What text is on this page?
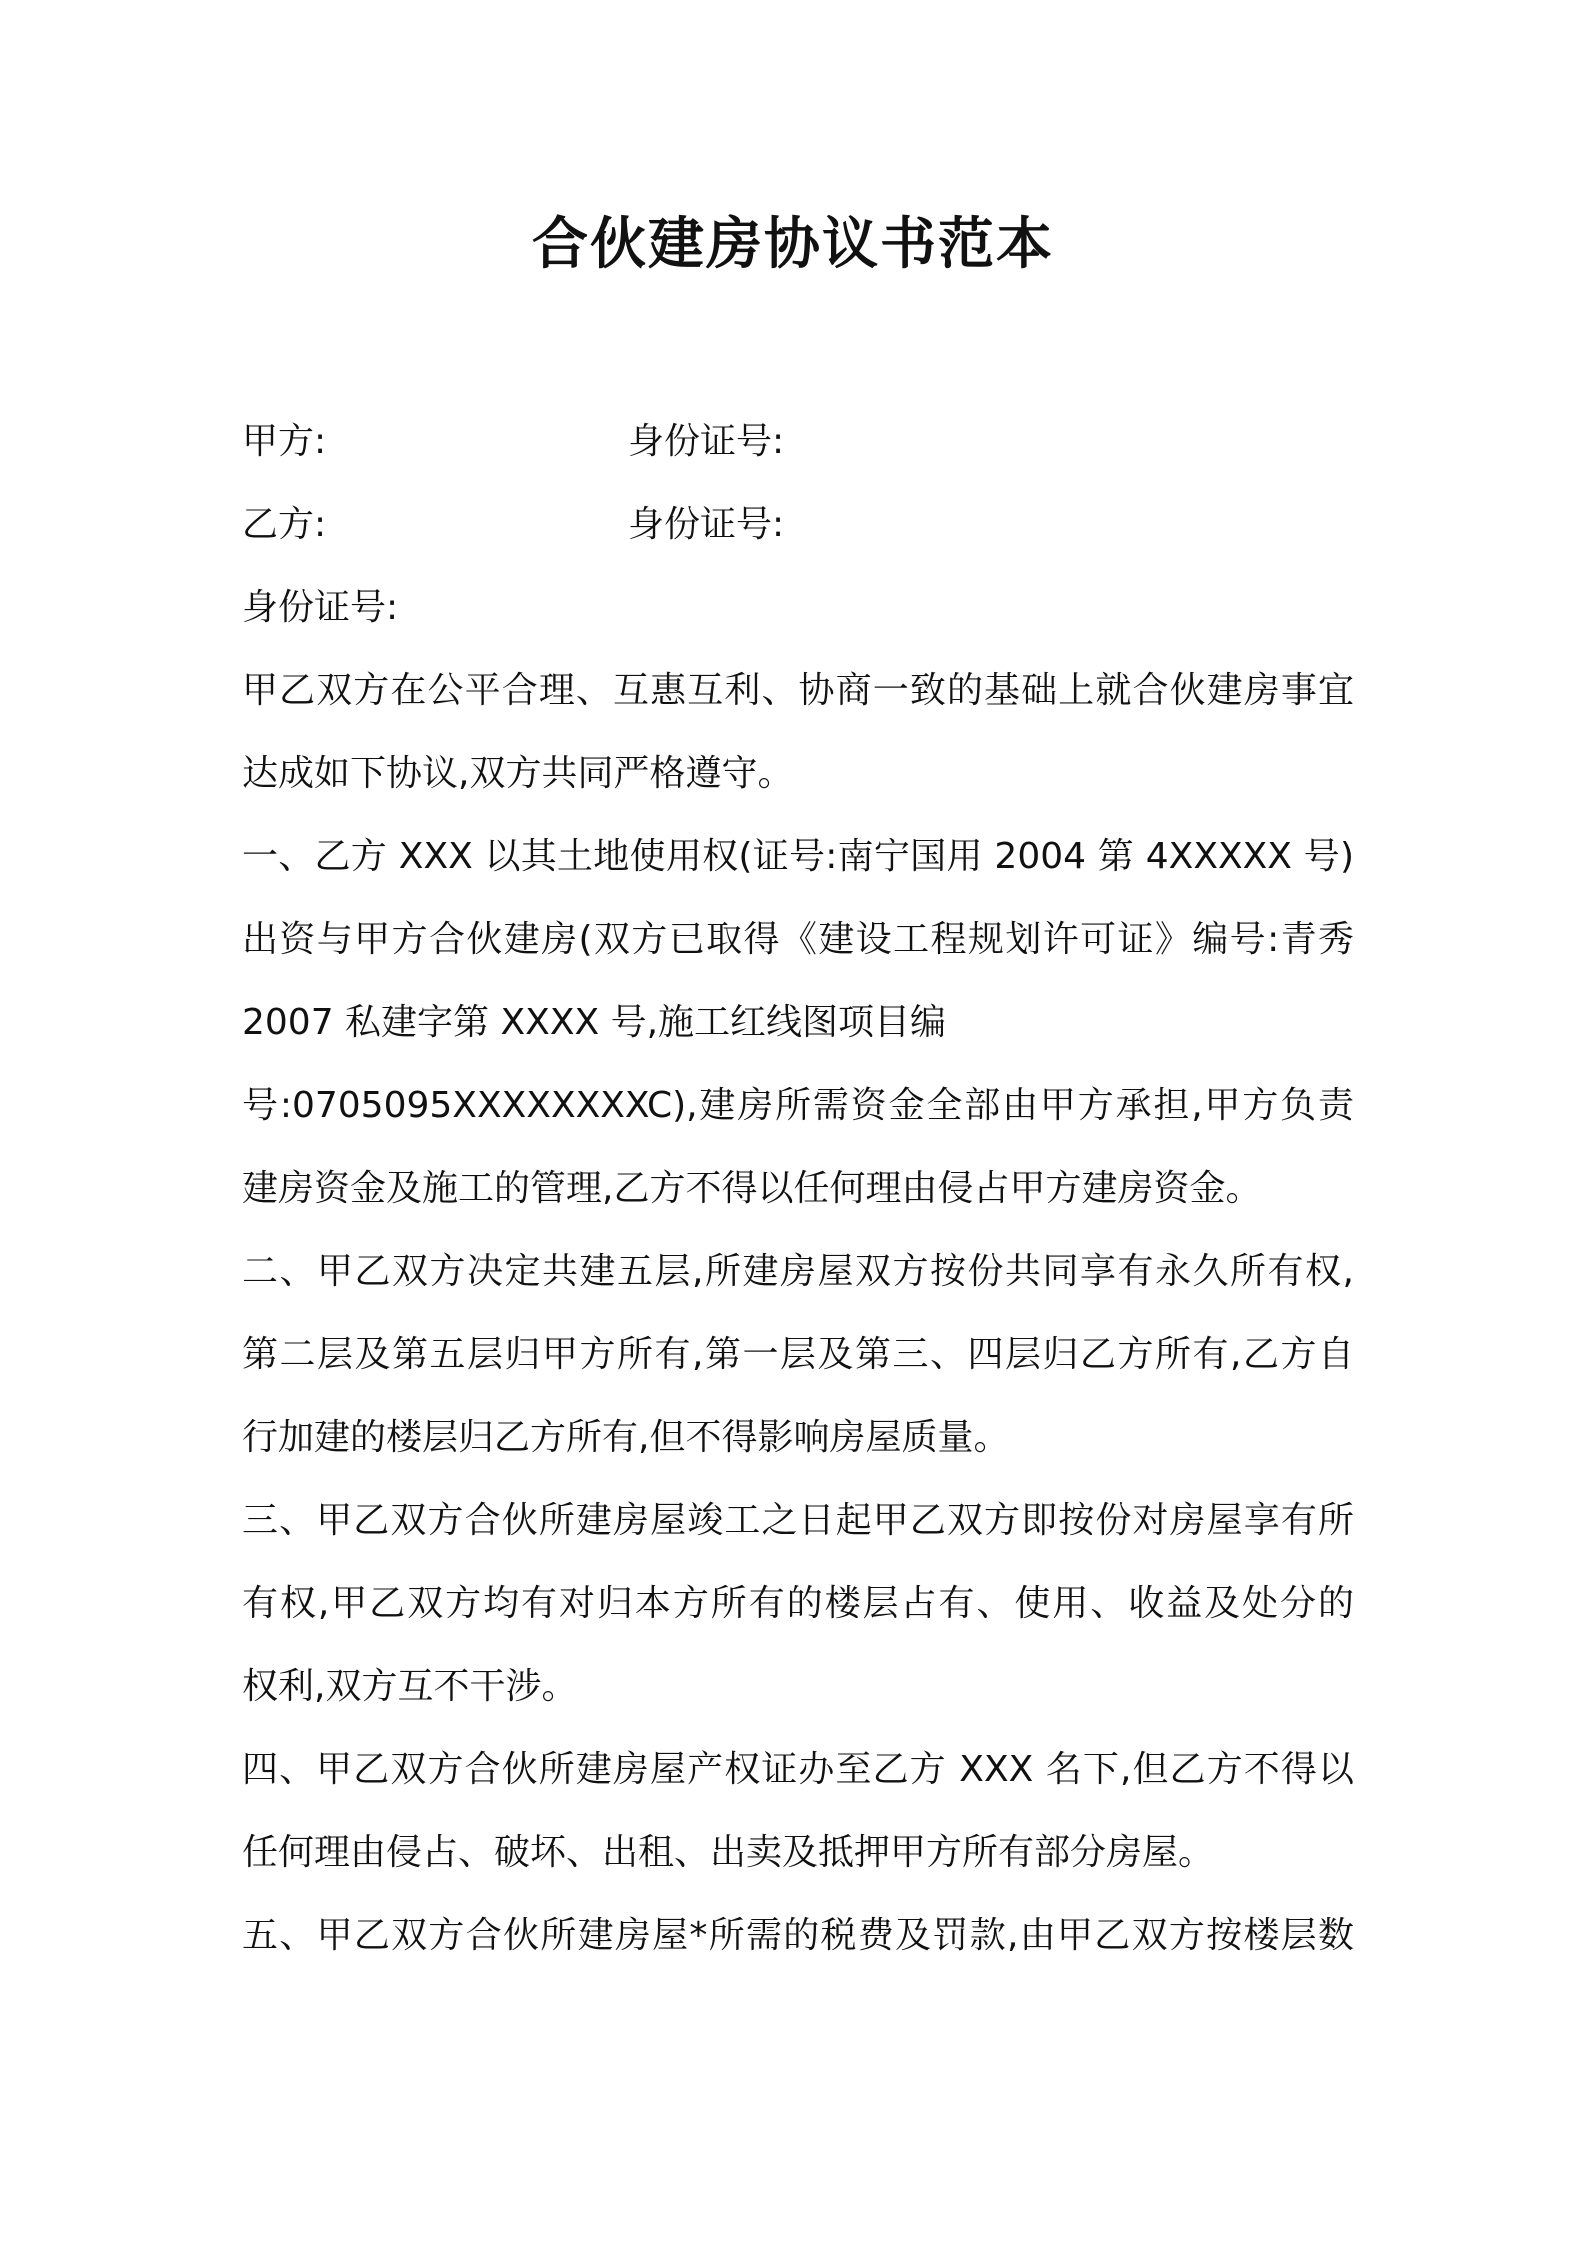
合伙建房协议书范本
甲方:	身份证号:
乙方:	身份证号:
身份证号:
甲乙双方在公平合理、互惠互利、协商一致的基础上就合伙建房事宜
达成如下协议,双方共同严格遵守。
一、乙方 XXX 以其土地使用权(证号:南宁国用 2004 第 4XXXXX 号)
出资与甲方合伙建房(双方已取得《建设工程规划许可证》编号:青秀
2007 私建字第 XXXX 号,施工红线图项目编
号:0705095XXXXXXXXC),建房所需资金全部由甲方承担,甲方负责
建房资金及施工的管理,乙方不得以任何理由侵占甲方建房资金。
二、甲乙双方决定共建五层,所建房屋双方按份共同享有永久所有权,
第二层及第五层归甲方所有,第一层及第三、四层归乙方所有,乙方自
行加建的楼层归乙方所有,但不得影响房屋质量。
三、甲乙双方合伙所建房屋竣工之日起甲乙双方即按份对房屋享有所
有权,甲乙双方均有对归本方所有的楼层占有、使用、收益及处分的
权利,双方互不干涉。
四、甲乙双方合伙所建房屋产权证办至乙方 XXX 名下,但乙方不得以
任何理由侵占、破坏、出租、出卖及抵押甲方所有部分房屋。
五、甲乙双方合伙所建房屋*所需的税费及罚款,由甲乙双方按楼层数
